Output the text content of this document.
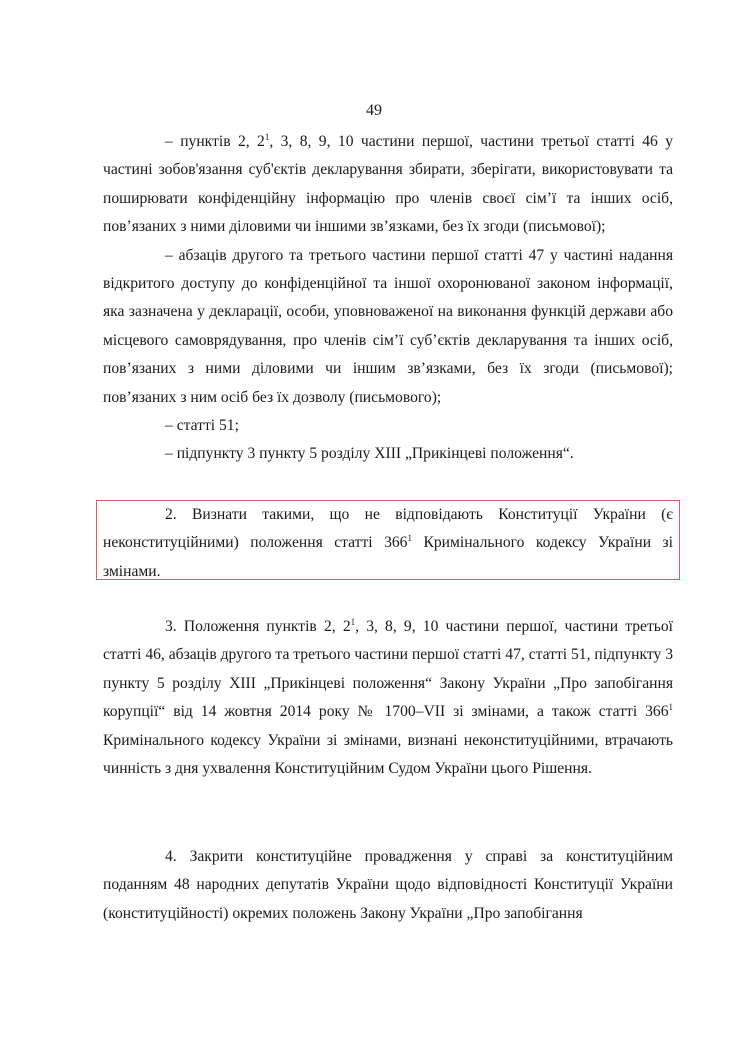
49

– пунктів 2, $2^1$, 3, 8, 9, 10 частини першої, частини третьої статті 46 у частині зобов'язання суб'єктів декларування збирати, зберігати, використовувати та поширювати конфіденційну інформацію про членів своєї сім’ї та інших осіб, пов’язаних з ними діловими чи іншими зв’язками, без їх згоди (письмової);

– абзаців другого та третього частини першої статті 47 у частині надання відкритого доступу до конфіденційної та іншої охоронюваної законом інформації, яка зазначена у декларації, особи, уповноваженої на виконання функцій держави або місцевого самоврядування, про членів сім’ї суб’єктів декларування та інших осіб, пов’язаних з ними діловими чи іншим зв’язками, без їх згоди (письмової); пов’язаних з ним осіб без їх дозволу (письмового);

– статті 51;

– підпункту 3 пункту 5 розділу XIII „Прикінцеві положення“.

2. Визнати такими, що не відповідають Конституції України (є неконституційними) положення статті $366^1$ Кримінального кодексу України зі змінами.

3. Положення пунктів 2, $2^1$, 3, 8, 9, 10 частини першої, частини третьої статті 46, абзаців другого та третього частини першої статті 47, статті 51, підпункту 3 пункту 5 розділу XIII „Прикінцеві положення“ Закону України „Про запобігання корупції“ від 14 жовтня 2014 року № 1700–VII зі змінами, а також статті $366^1$ Кримінального кодексу України зі змінами, визнані неконституційними, втрачають чинність з дня ухвалення Конституційним Судом України цього Рішення.

4. Закрити конституційне провадження у справі за конституційним поданням 48 народних депутатів України щодо відповідності Конституції України (конституційності) окремих положень Закону України „Про запобігання
